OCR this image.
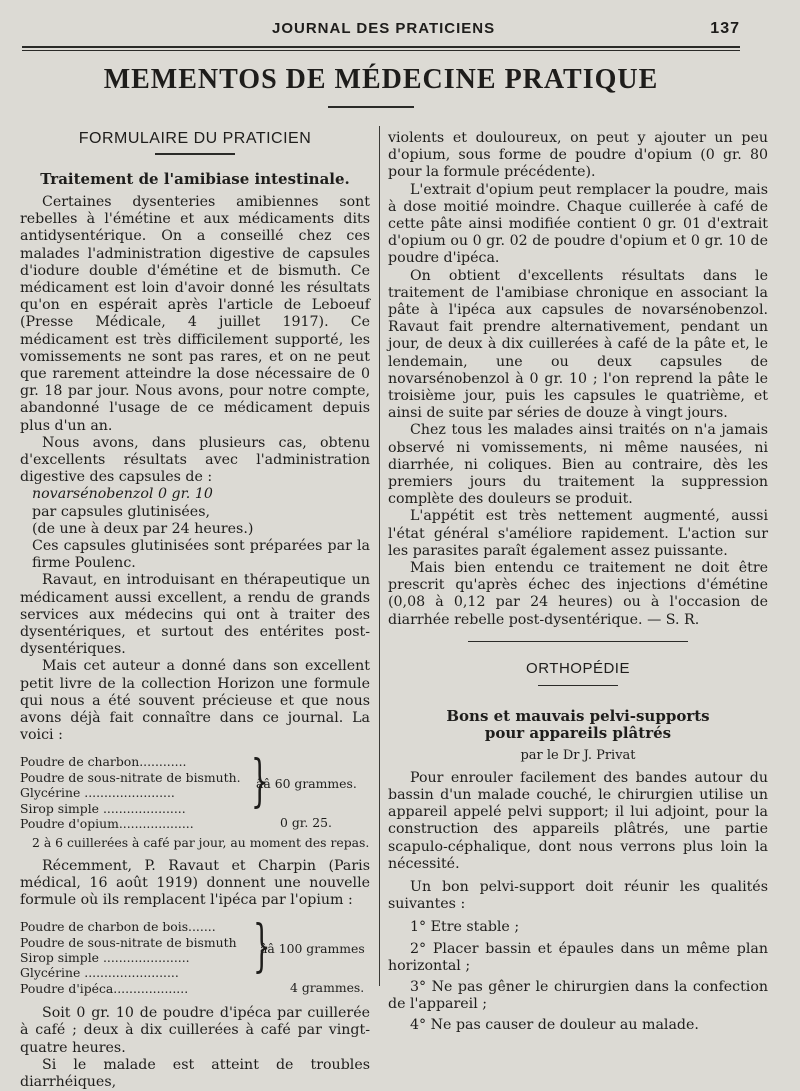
JOURNAL DES PRATICIENS	137
MEMENTOS DE MÉDECINE PRATIQUE

FORMULAIRE DU PRATICIEN

Traitement de l'amibiase intestinale.

Certaines dysenteries amibiennes sont rebelles à l'émétine et aux médicaments dits antidysentérique. On a conseillé chez ces malades l'administration digestive de capsules d'iodure double d'émétine et de bismuth. Ce médicament est loin d'avoir donné les résultats qu'on en espérait après l'article de Leboeuf (Presse Médicale, 4 juillet 1917). Ce médicament est très difficilement supporté, les vomissements ne sont pas rares, et on ne peut que rarement atteindre la dose nécessaire de 0 gr. 18 par jour. Nous avons, pour notre compte, abandonné l'usage de ce médicament depuis plus d'un an.

Nous avons, dans plusieurs cas, obtenu d'excellents résultats avec l'administration digestive des capsules de :

novarsénobenzol 0 gr. 10

par capsules glutinisées,

(de une à deux par 24 heures.)

Ces capsules glutinisées sont préparées par la firme Poulenc.

Ravaut, en introduisant en thérapeutique un médicament aussi excellent, a rendu de grands services aux médecins qui ont à traiter des dysentériques, et surtout des entérites post-dysentériques.

Mais cet auteur a donné dans son excellent petit livre de la collection Horizon une formule qui nous a été souvent précieuse et que nous avons déjà fait connaître dans ce journal. La voici :

Poudre de charbon............
Poudre de sous-nitrate de bismuth.
Glycérine .......................
Sirop simple .....................
Poudre d'opium...................
}
ââ 60 grammes.
0 gr. 25.

2 à 6 cuillerées à café par jour, au moment des repas.

Récemment, P. Ravaut et Charpin (Paris médical, 16 août 1919) donnent une nouvelle formule où ils remplacent l'ipéca par l'opium :

Poudre de charbon de bois.......
Poudre de sous-nitrate de bismuth
Sirop simple ......................
Glycérine ........................
Poudre d'ipéca...................
}
ââ 100 grammes
4 grammes.

Soit 0 gr. 10 de poudre d'ipéca par cuillerée à café ; deux à dix cuillerées à café par vingt-quatre heures.

Si le malade est atteint de troubles diarrhéiques,

violents et douloureux, on peut y ajouter un peu d'opium, sous forme de poudre d'opium (0 gr. 80 pour la formule précédente).

L'extrait d'opium peut remplacer la poudre, mais à dose moitié moindre. Chaque cuillerée à café de cette pâte ainsi modifiée contient 0 gr. 01 d'extrait d'opium ou 0 gr. 02 de poudre d'opium et 0 gr. 10 de poudre d'ipéca.

On obtient d'excellents résultats dans le traitement de l'amibiase chronique en associant la pâte à l'ipéca aux capsules de novarsénobenzol. Ravaut fait prendre alternativement, pendant un jour, de deux à dix cuillerées à café de la pâte et, le lendemain, une ou deux capsules de novarsénobenzol à 0 gr. 10 ; l'on reprend la pâte le troisième jour, puis les capsules le quatrième, et ainsi de suite par séries de douze à vingt jours.

Chez tous les malades ainsi traités on n'a jamais observé ni vomissements, ni même nausées, ni diarrhée, ni coliques. Bien au contraire, dès les premiers jours du traitement la suppression complète des douleurs se produit.

L'appétit est très nettement augmenté, aussi l'état général s'améliore rapidement. L'action sur les parasites paraît également assez puissante.

Mais bien entendu ce traitement ne doit être prescrit qu'après échec des injections d'émétine (0,08 à 0,12 par 24 heures) ou à l'occasion de diarrhée rebelle post-dysentérique. — S. R.

ORTHOPÉDIE

Bons et mauvais pelvi-supports

pour appareils plâtrés

par le Dr J. Privat

Pour enrouler facilement des bandes autour du bassin d'un malade couché, le chirurgien utilise un appareil appelé pelvi support; il lui adjoint, pour la construction des appareils plâtrés, une partie scapulo-céphalique, dont nous verrons plus loin la nécessité.

Un bon pelvi-support doit réunir les qualités suivantes :

1° Etre stable ;

2° Placer bassin et épaules dans un même plan horizontal ;

3° Ne pas gêner le chirurgien dans la confection de l'appareil ;

4° Ne pas causer de douleur au malade.
